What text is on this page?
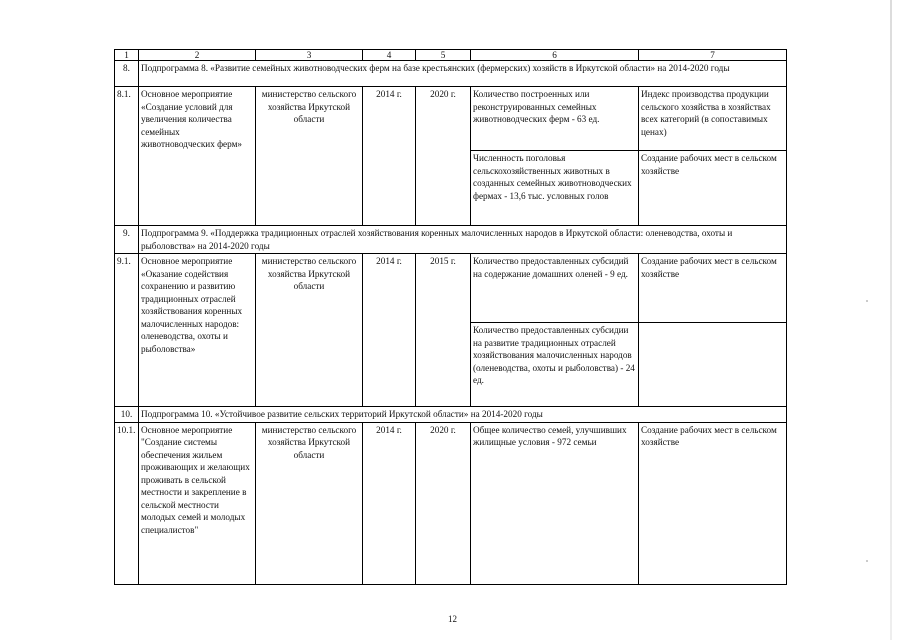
1	2	3	4	5	6	7
8.	Подпрограмма 8. «Развитие семейных животноводческих ферм на базе крестьянских (фермерских) хозяйств в Иркутской области» на 2014-2020 годы					
8.1.	Основное мероприятие «Создание условий для увеличения количества семейных животноводческих ферм»	министерство сельского хозяйства Иркутской области	2014 г.	2020 г.	Количество построенных или реконструированных семейных животноводческих ферм - 63 ед.	Индекс производства продукции сельского хозяйства в хозяйствах всех категорий (в сопоставимых ценах)
					Численность поголовья сельскохозяйственных животных в созданных семейных животноводческих фермах - 13,6 тыс. условных голов	Создание рабочих мест в сельском хозяйстве
9.	Подпрограмма 9. «Поддержка традиционных отраслей хозяйствования коренных малочисленных народов в Иркутской области: оленеводства, охоты и рыболовства» на 2014-2020 годы					
9.1.	Основное мероприятие «Оказание содействия сохранению и развитию традиционных отраслей хозяйствования коренных малочисленных народов: оленеводства, охоты и рыболовства»	министерство сельского хозяйства Иркутской области	2014 г.	2015 г.	Количество предоставленных субсидий на содержание домашних оленей - 9 ед.	Создание рабочих мест в сельском хозяйстве
					Количество предоставленных субсидии на развитие традиционных отраслей хозяйствования малочисленных народов (оленеводства, охоты и рыболовства) - 24 ед.	
10.	Подпрограмма 10. «Устойчивое развитие сельских территорий Иркутской области» на 2014-2020 годы					
10.1.	Основное мероприятие "Создание системы обеспечения жильем проживающих и желающих проживать в сельской местности и закрепление в сельской местности молодых семей и молодых специалистов"	министерство сельского хозяйства Иркутской области	2014 г.	2020 г.	Общее количество семей, улучшивших жилищные условия - 972 семьи	Создание рабочих мест в сельском хозяйстве
12
